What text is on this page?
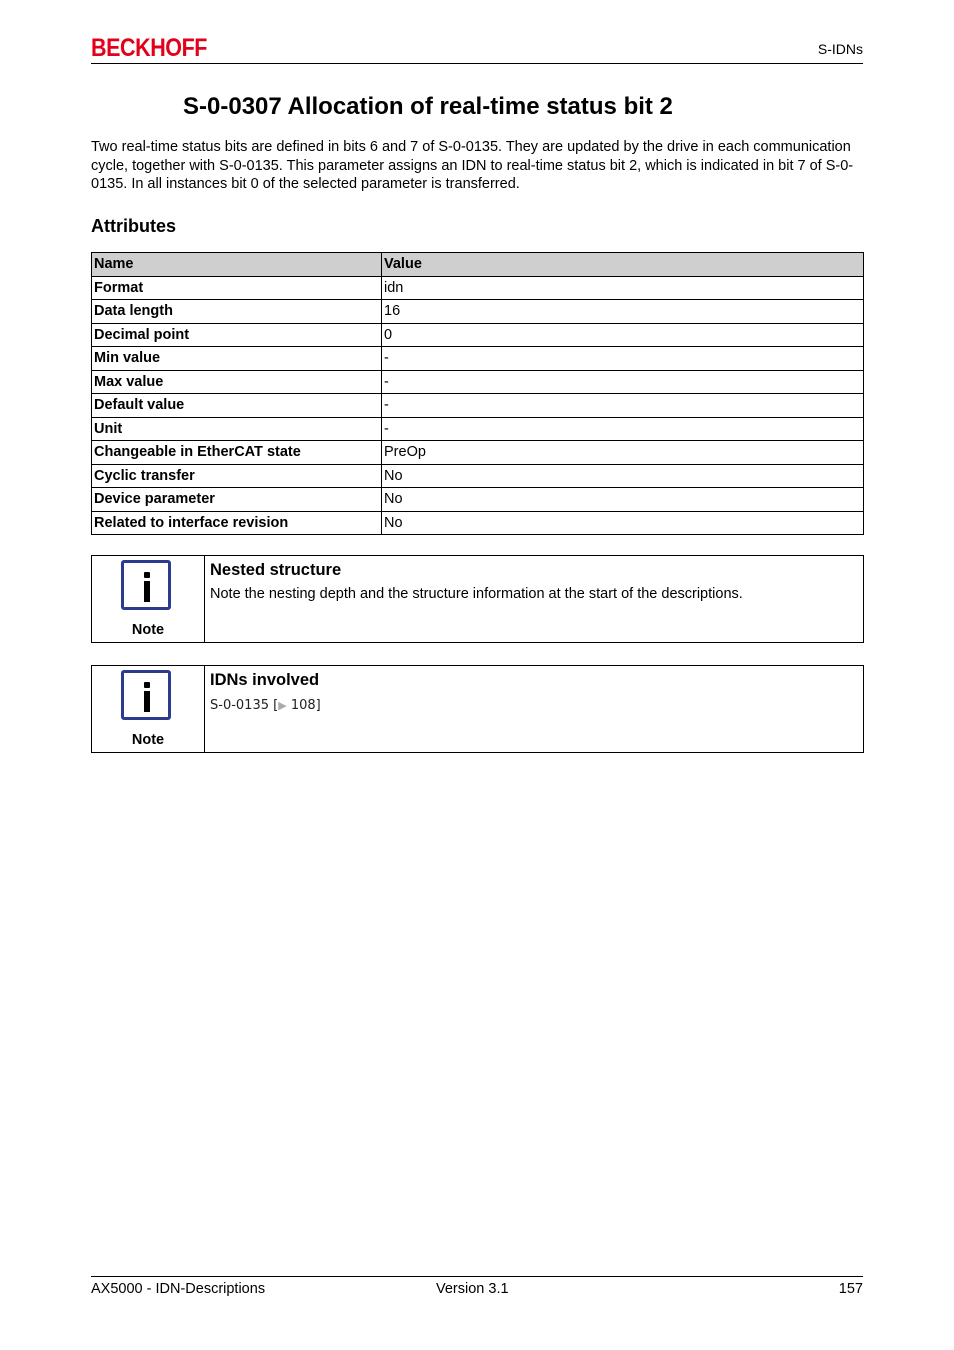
BECKHOFF	S-IDNs
S-0-0307 Allocation of real-time status bit 2

Two real-time status bits are defined in bits 6 and 7 of S-0-0135. They are updated by the drive in each communication cycle, together with S-0-0135. This parameter assigns an IDN to real-time status bit 2, which is indicated in bit 7 of S-0-0135. In all instances bit 0 of the selected parameter is transferred.

Attributes
Name	Value
Format	idn
Data length	16
Decimal point	0
Min value	-
Max value	-
Default value	-
Unit	-
Changeable in EtherCAT state	PreOp
Cyclic transfer	No
Device parameter	No
Related to interface revision	No
Note
Nested structure
Note the nesting depth and the structure information at the start of the descriptions.
Note
IDNs involved
S-0-0135 [▶ 108]
AX5000 - IDN-Descriptions	Version 3.1	157
